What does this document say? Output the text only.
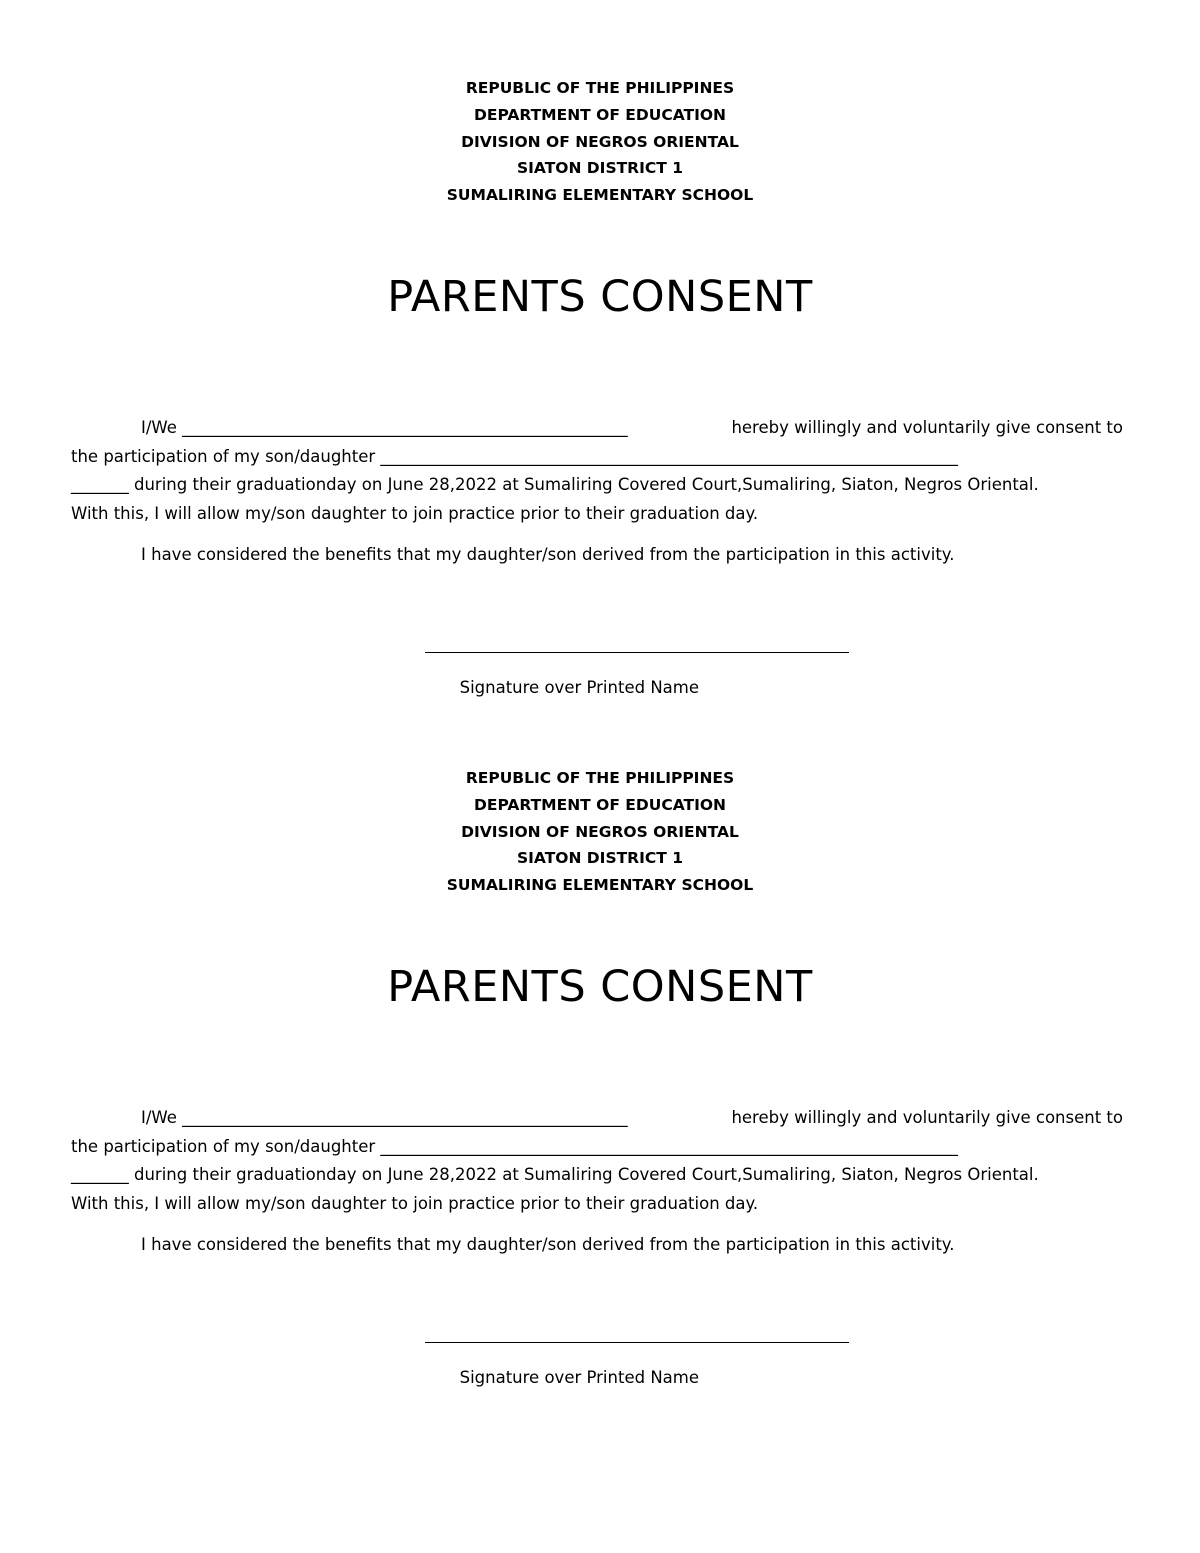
REPUBLIC OF THE PHILIPPINES
DEPARTMENT OF EDUCATION
DIVISION OF NEGROS ORIENTAL
SIATON DISTRICT 1
SUMALIRING ELEMENTARY SCHOOL
PARENTS CONSENT
I/We ______________________________________________________	hereby willingly and voluntarily give consent to
the participation of my son/daughter ______________________________________________________________________
_______ during their graduationday on June 28,2022 at Sumaliring Covered Court,Sumaliring, Siaton, Negros Oriental.
With this, I will allow my/son daughter to join practice prior to their graduation day.
I have considered the benefits that my daughter/son derived from the participation in this activity.
Signature over Printed Name
REPUBLIC OF THE PHILIPPINES
DEPARTMENT OF EDUCATION
DIVISION OF NEGROS ORIENTAL
SIATON DISTRICT 1
SUMALIRING ELEMENTARY SCHOOL
PARENTS CONSENT
I/We ______________________________________________________	hereby willingly and voluntarily give consent to
the participation of my son/daughter ______________________________________________________________________
_______ during their graduationday on June 28,2022 at Sumaliring Covered Court,Sumaliring, Siaton, Negros Oriental.
With this, I will allow my/son daughter to join practice prior to their graduation day.
I have considered the benefits that my daughter/son derived from the participation in this activity.
Signature over Printed Name
